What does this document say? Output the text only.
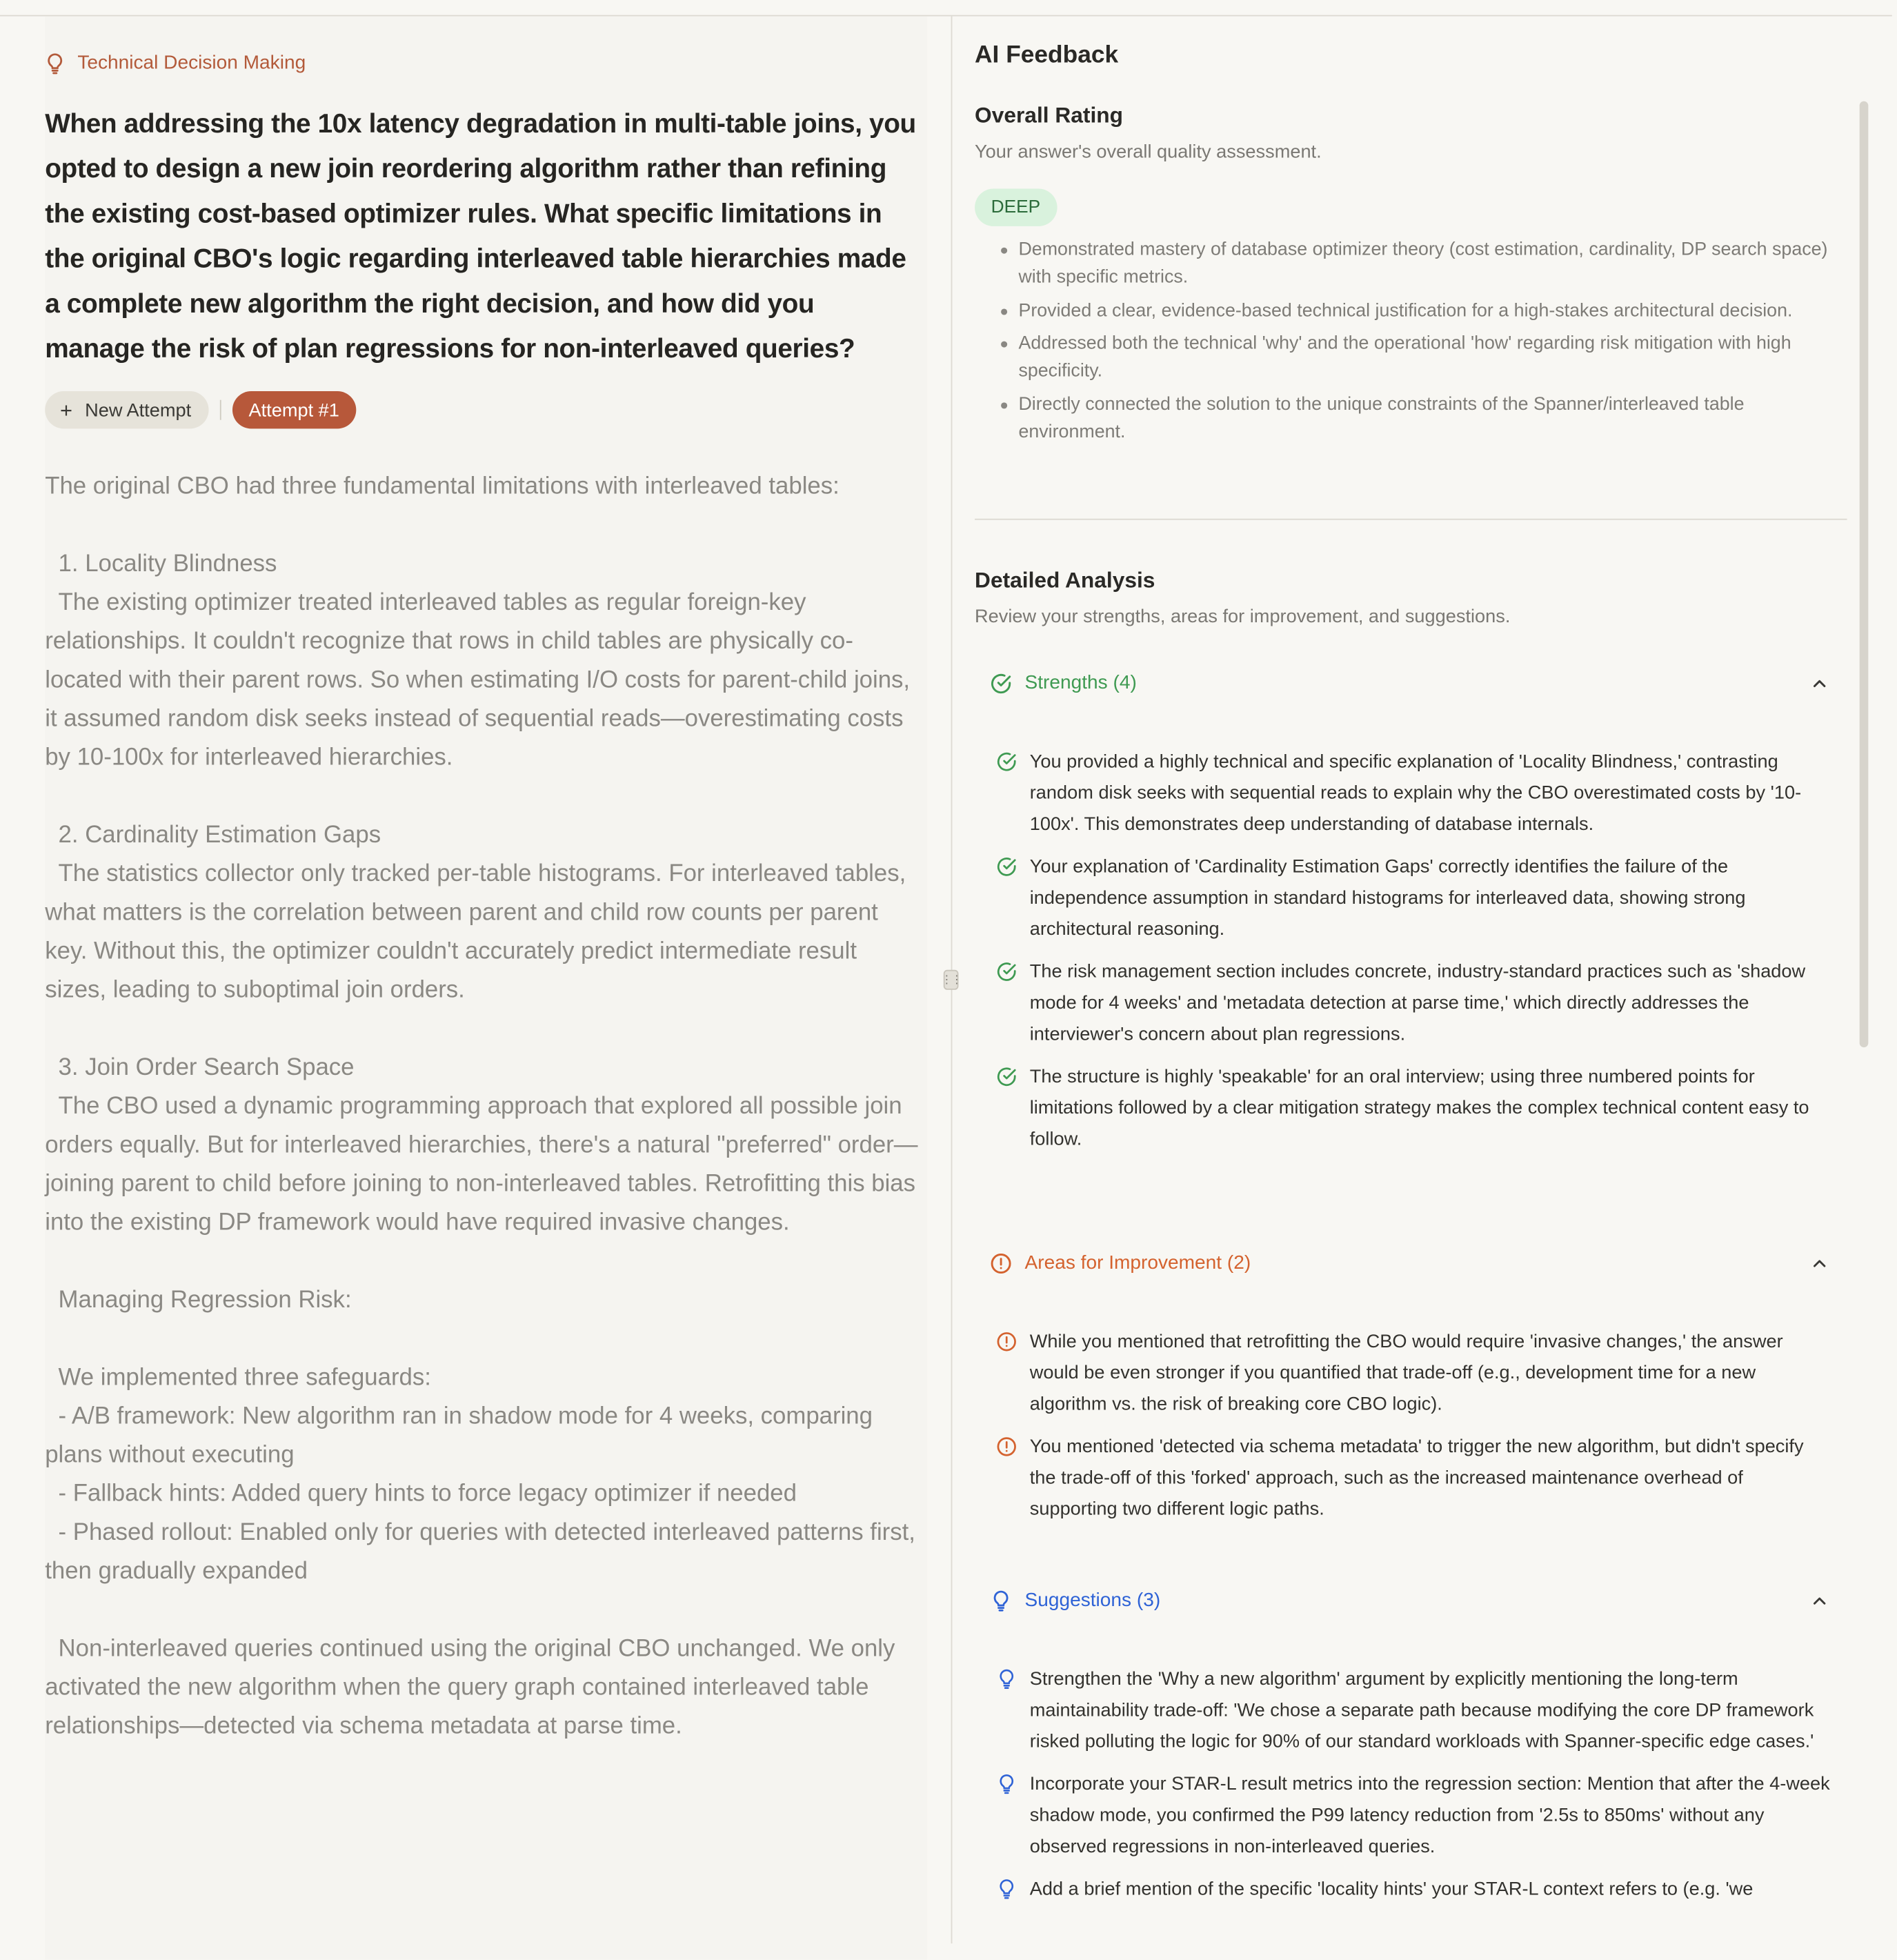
Technical Decision Making
When addressing the 10x latency degradation in multi-table joins, you opted to design a new join reordering algorithm rather than refining the existing cost-based optimizer rules. What specific limitations in the original CBO's logic regarding interleaved table hierarchies made a complete new algorithm the right decision, and how did you manage the risk of plan regressions for non-interleaved queries?
+ New Attempt	Attempt #1
The original CBO had three fundamental limitations with interleaved tables:

1. Locality Blindness
The existing optimizer treated interleaved tables as regular foreign-key relationships. It couldn't recognize that rows in child tables are physically co-located with their parent rows. So when estimating I/O costs for parent-child joins, it assumed random disk seeks instead of sequential reads—overestimating costs by 10-100x for interleaved hierarchies.

2. Cardinality Estimation Gaps
The statistics collector only tracked per-table histograms. For interleaved tables, what matters is the correlation between parent and child row counts per parent key. Without this, the optimizer couldn't accurately predict intermediate result sizes, leading to suboptimal join orders.

3. Join Order Search Space
The CBO used a dynamic programming approach that explored all possible join orders equally. But for interleaved hierarchies, there's a natural "preferred" order—joining parent to child before joining to non-interleaved tables. Retrofitting this bias into the existing DP framework would have required invasive changes.

Managing Regression Risk:

We implemented three safeguards:
- A/B framework: New algorithm ran in shadow mode for 4 weeks, comparing plans without executing
- Fallback hints: Added query hints to force legacy optimizer if needed
- Phased rollout: Enabled only for queries with detected interleaved patterns first, then gradually expanded

Non-interleaved queries continued using the original CBO unchanged. We only activated the new algorithm when the query graph contained interleaved table relationships—detected via schema metadata at parse time.
⋮⋮
AI Feedback
Overall Rating
Your answer's overall quality assessment.
DEEP
Demonstrated mastery of database optimizer theory (cost estimation, cardinality, DP search space) with specific metrics.
Provided a clear, evidence-based technical justification for a high-stakes architectural decision.
Addressed both the technical 'why' and the operational 'how' regarding risk mitigation with high specificity.
Directly connected the solution to the unique constraints of the Spanner/interleaved table environment.
Detailed Analysis
Review your strengths, areas for improvement, and suggestions.
Strengths (4)
You provided a highly technical and specific explanation of 'Locality Blindness,' contrasting random disk seeks with sequential reads to explain why the CBO overestimated costs by '10-100x'. This demonstrates deep understanding of database internals.
Your explanation of 'Cardinality Estimation Gaps' correctly identifies the failure of the independence assumption in standard histograms for interleaved data, showing strong architectural reasoning.
The risk management section includes concrete, industry-standard practices such as 'shadow mode for 4 weeks' and 'metadata detection at parse time,' which directly addresses the interviewer's concern about plan regressions.
The structure is highly 'speakable' for an oral interview; using three numbered points for limitations followed by a clear mitigation strategy makes the complex technical content easy to follow.
Areas for Improvement (2)
While you mentioned that retrofitting the CBO would require 'invasive changes,' the answer would be even stronger if you quantified that trade-off (e.g., development time for a new algorithm vs. the risk of breaking core CBO logic).
You mentioned 'detected via schema metadata' to trigger the new algorithm, but didn't specify the trade-off of this 'forked' approach, such as the increased maintenance overhead of supporting two different logic paths.
Suggestions (3)
Strengthen the 'Why a new algorithm' argument by explicitly mentioning the long-term maintainability trade-off: 'We chose a separate path because modifying the core DP framework risked polluting the logic for 90% of our standard workloads with Spanner-specific edge cases.'
Incorporate your STAR-L result metrics into the regression section: Mention that after the 4-week shadow mode, you confirmed the P99 latency reduction from '2.5s to 850ms' without any observed regressions in non-interleaved queries.
Add a brief mention of the specific 'locality hints' your STAR-L context refers to (e.g. 'we
